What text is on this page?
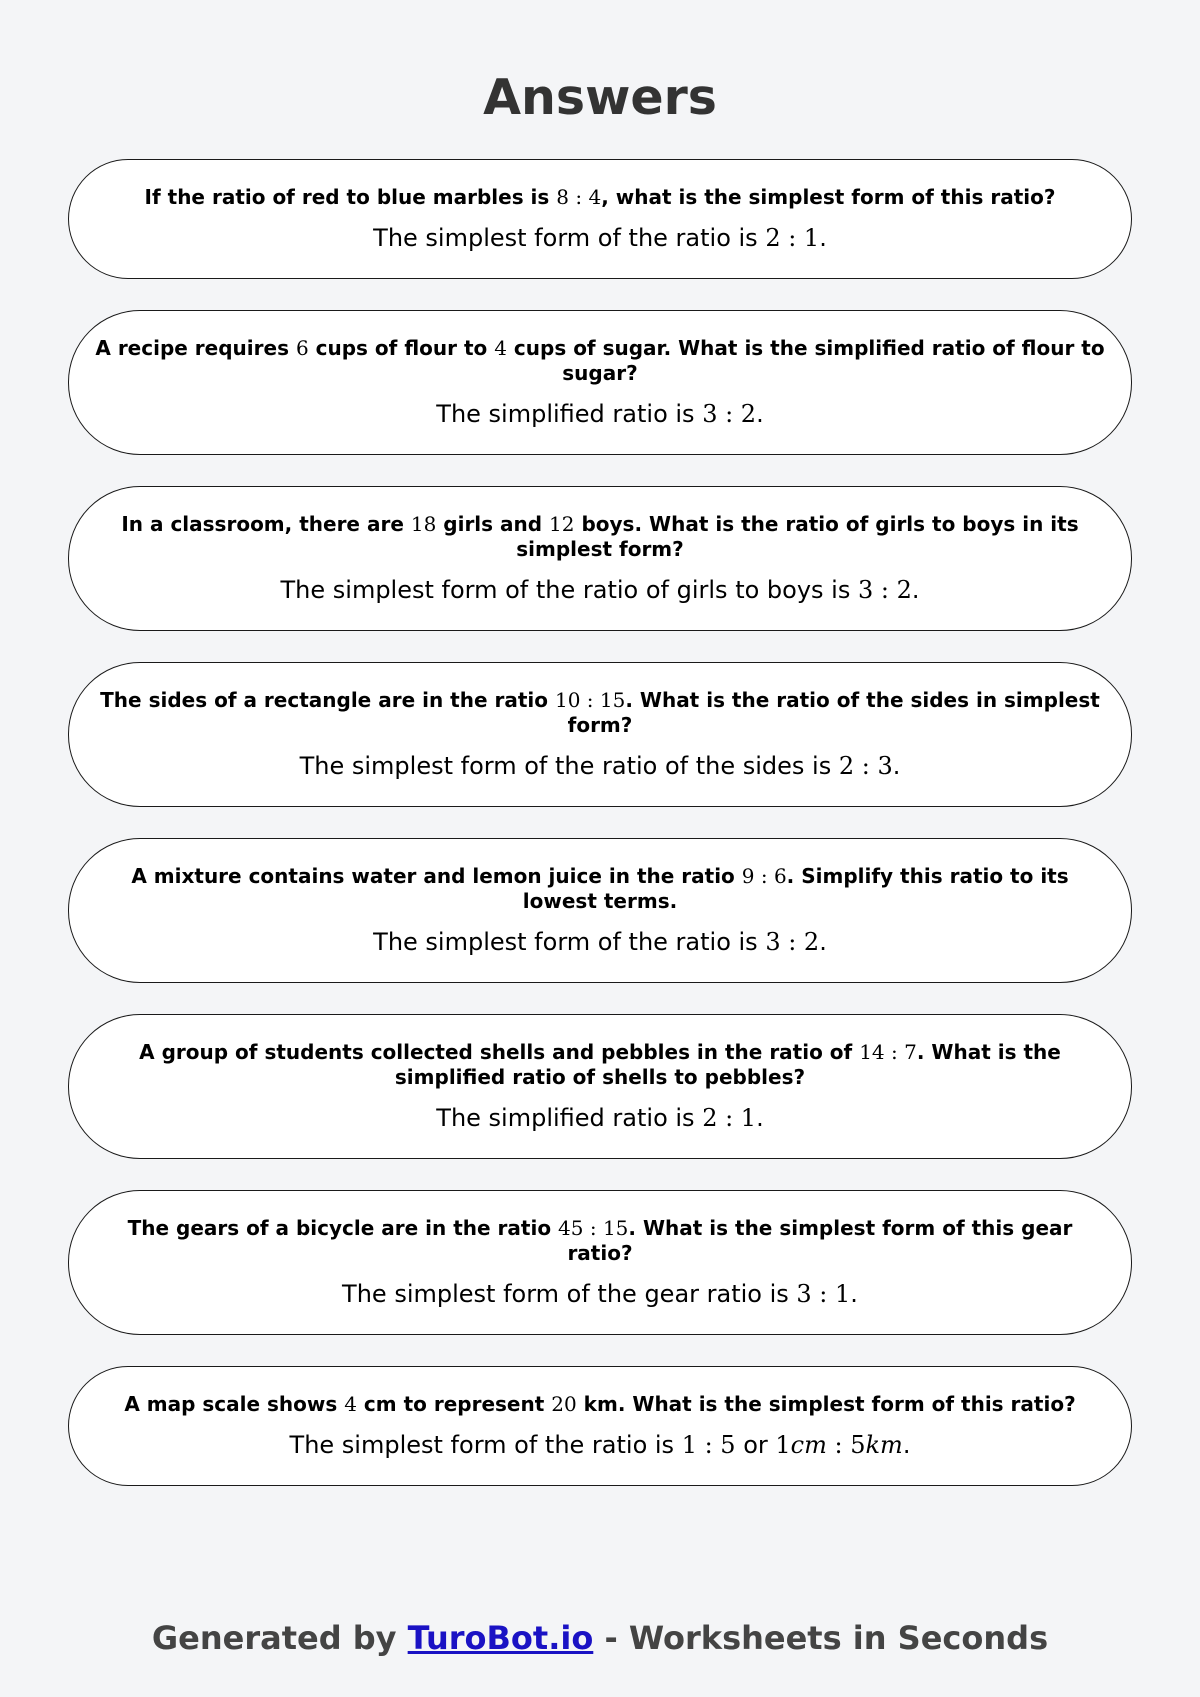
Answers

If the ratio of red to blue marbles is 8 : 4, what is the simplest form of this ratio?

The simplest form of the ratio is 2 : 1.

A recipe requires 6 cups of flour to 4 cups of sugar. What is the simplified ratio of flour to sugar?

The simplified ratio is 3 : 2.

In a classroom, there are 18 girls and 12 boys. What is the ratio of girls to boys in its simplest form?

The simplest form of the ratio of girls to boys is 3 : 2.

The sides of a rectangle are in the ratio 10 : 15. What is the ratio of the sides in simplest form?

The simplest form of the ratio of the sides is 2 : 3.

A mixture contains water and lemon juice in the ratio 9 : 6. Simplify this ratio to its lowest terms.

The simplest form of the ratio is 3 : 2.

A group of students collected shells and pebbles in the ratio of 14 : 7. What is the simplified ratio of shells to pebbles?

The simplified ratio is 2 : 1.

The gears of a bicycle are in the ratio 45 : 15. What is the simplest form of this gear ratio?

The simplest form of the gear ratio is 3 : 1.

A map scale shows 4 cm to represent 20 km. What is the simplest form of this ratio?

The simplest form of the ratio is 1 : 5 or 1cm : 5km.

Generated by TuroBot.io - Worksheets in Seconds
